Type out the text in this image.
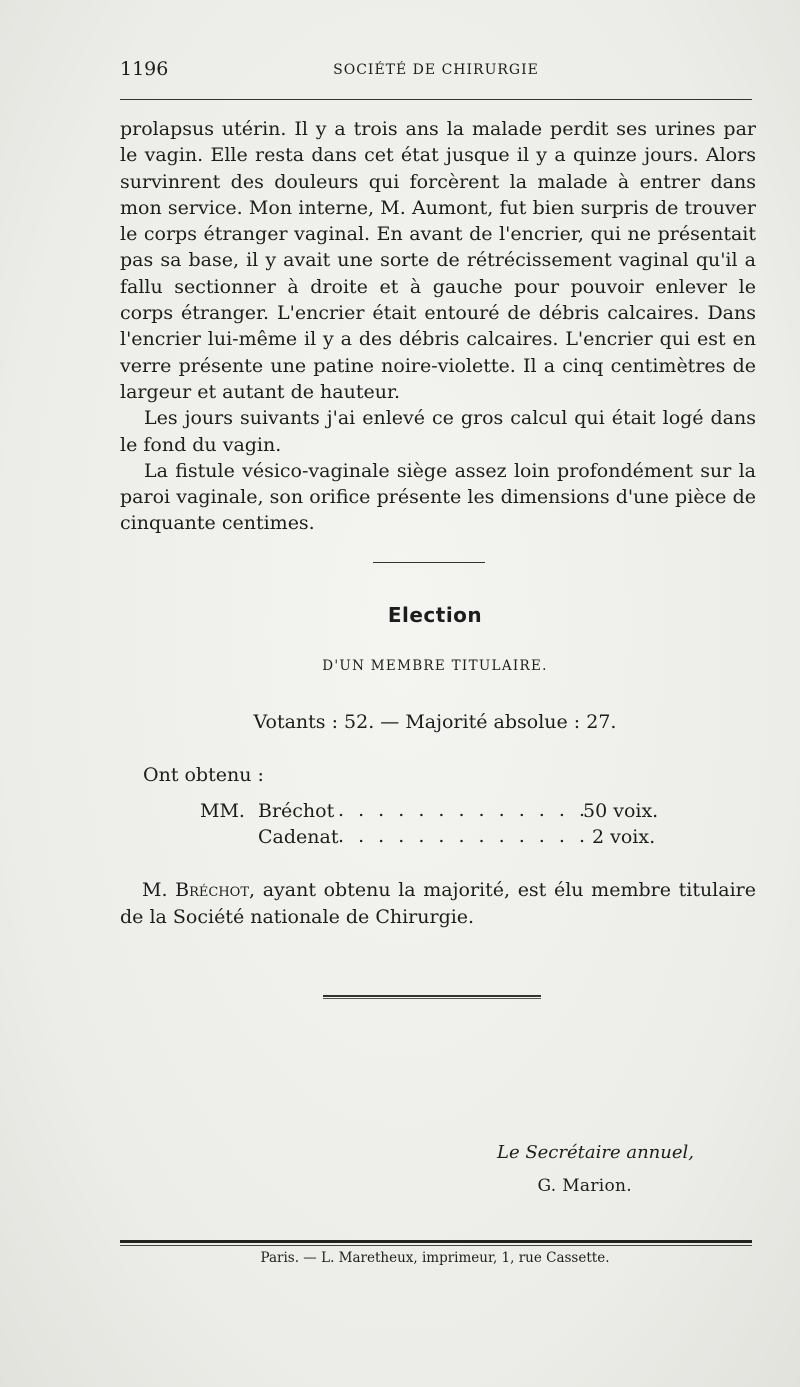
1196	SOCIÉTÉ DE CHIRURGIE

prolapsus utérin. Il y a trois ans la malade perdit ses urines par le vagin. Elle resta dans cet état jusque il y a quinze jours. Alors survinrent des douleurs qui forcèrent la malade à entrer dans mon service. Mon interne, M. Aumont, fut bien surpris de trouver le corps étranger vaginal. En avant de l'encrier, qui ne présentait pas sa base, il y avait une sorte de rétrécissement vaginal qu'il a fallu sectionner à droite et à gauche pour pouvoir enlever le corps étranger. L'encrier était entouré de débris calcaires. Dans l'encrier lui-même il y a des débris calcaires. L'encrier qui est en verre présente une patine noire-violette. Il a cinq centimètres de largeur et autant de hauteur.

Les jours suivants j'ai enlevé ce gros calcul qui était logé dans le fond du vagin.

La fistule vésico-vaginale siège assez loin profondément sur la paroi vaginale, son orifice présente les dimensions d'une pièce de cinquante centimes.

Election
D'UN MEMBRE TITULAIRE.
Votants : 52. — Majorité absolue : 27.
Ont obtenu :
MM. Bréchot . . . . . . . . . . . . .
50 voix.
Cadenat . . . . . . . . . . . . . 2 voix.
M. Bréchot, ayant obtenu la majorité, est élu membre titulaire de la Société nationale de Chirurgie.
Le Secrétaire annuel,
G. Marion.
Paris. — L. Maretheux, imprimeur, 1, rue Cassette.
